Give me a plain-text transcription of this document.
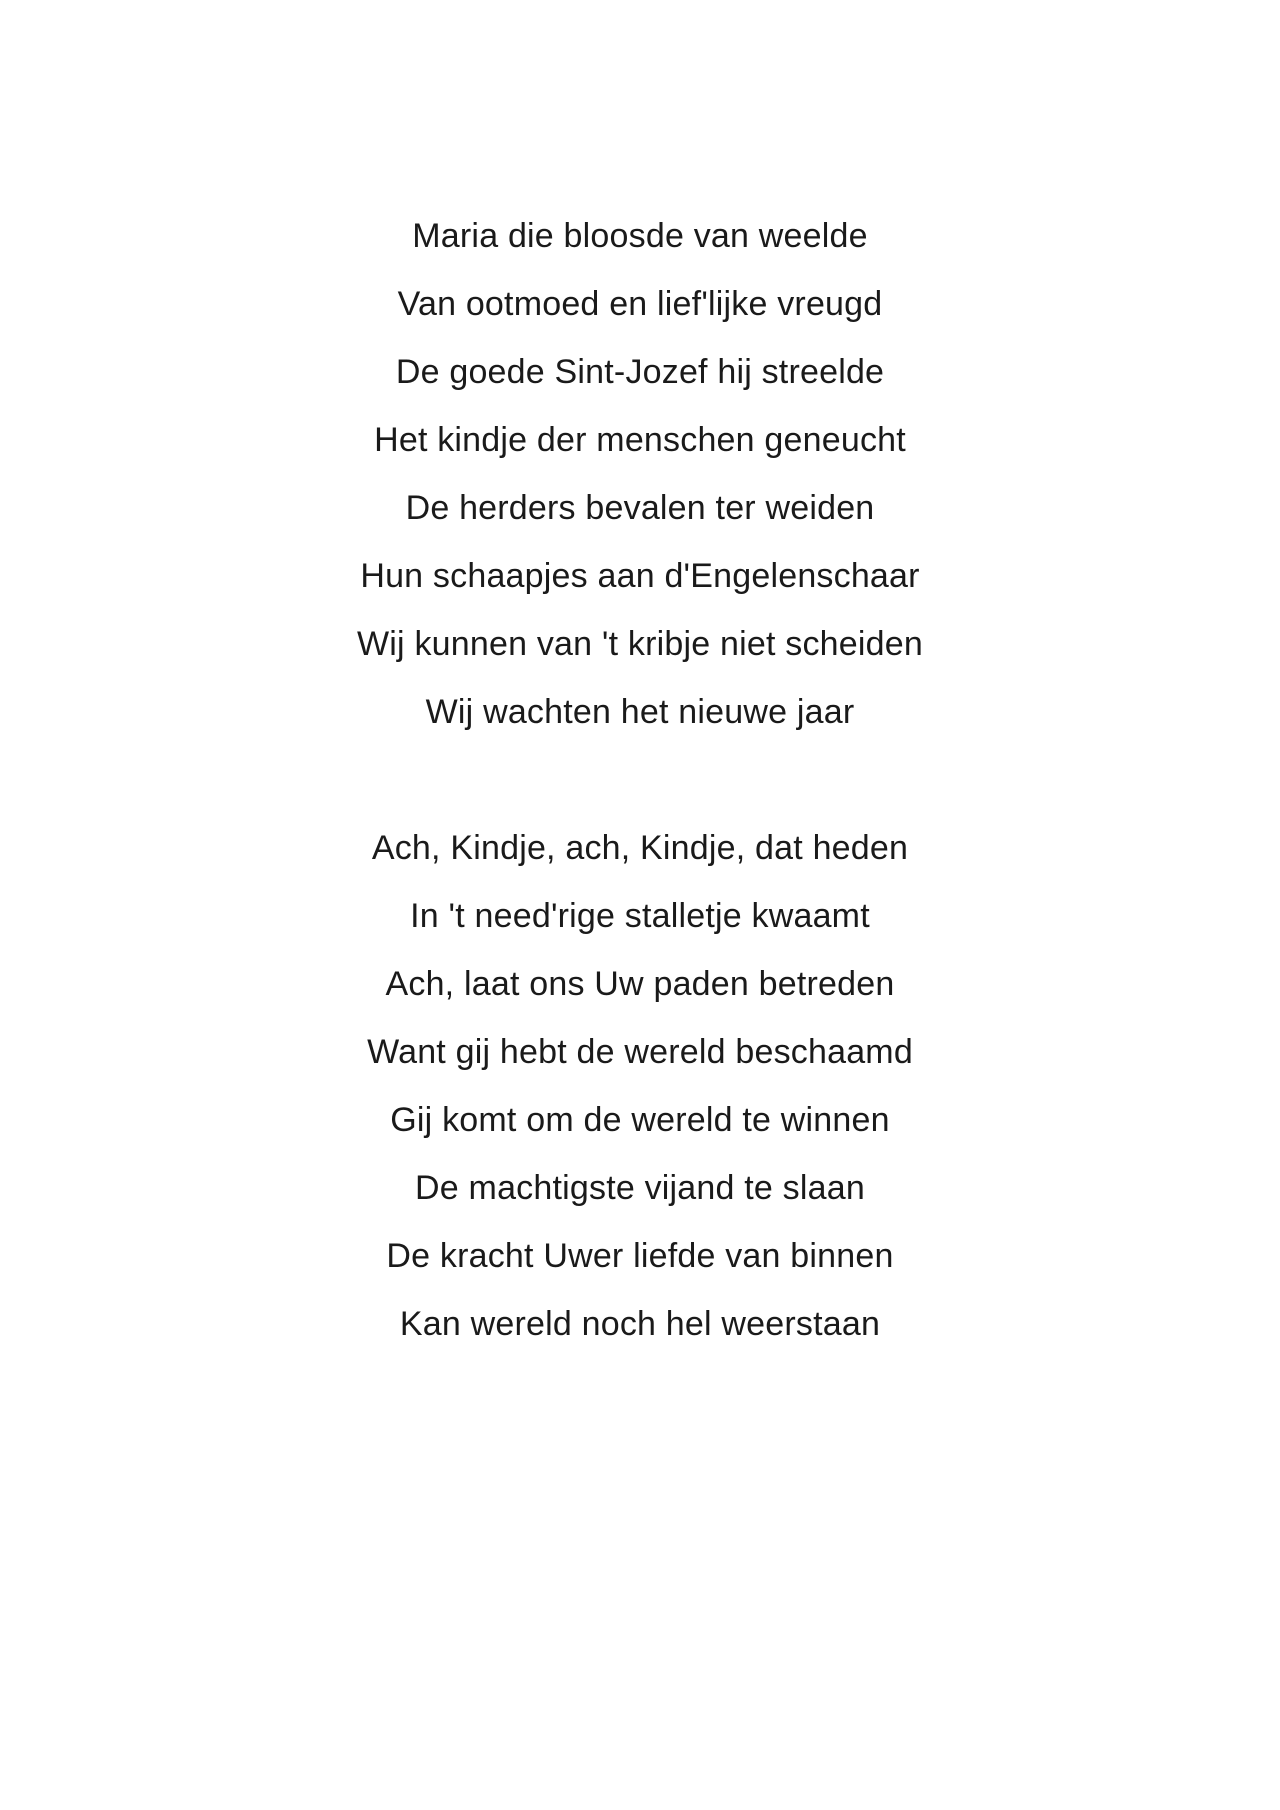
Maria die bloosde van weelde
Van ootmoed en lief'lijke vreugd
De goede Sint-Jozef hij streelde
Het kindje der menschen geneucht
De herders bevalen ter weiden
Hun schaapjes aan d'Engelenschaar
Wij kunnen van 't kribje niet scheiden
Wij wachten het nieuwe jaar
Ach, Kindje, ach, Kindje, dat heden
In 't need'rige stalletje kwaamt
Ach, laat ons Uw paden betreden
Want gij hebt de wereld beschaamd
Gij komt om de wereld te winnen
De machtigste vijand te slaan
De kracht Uwer liefde van binnen
Kan wereld noch hel weerstaan
